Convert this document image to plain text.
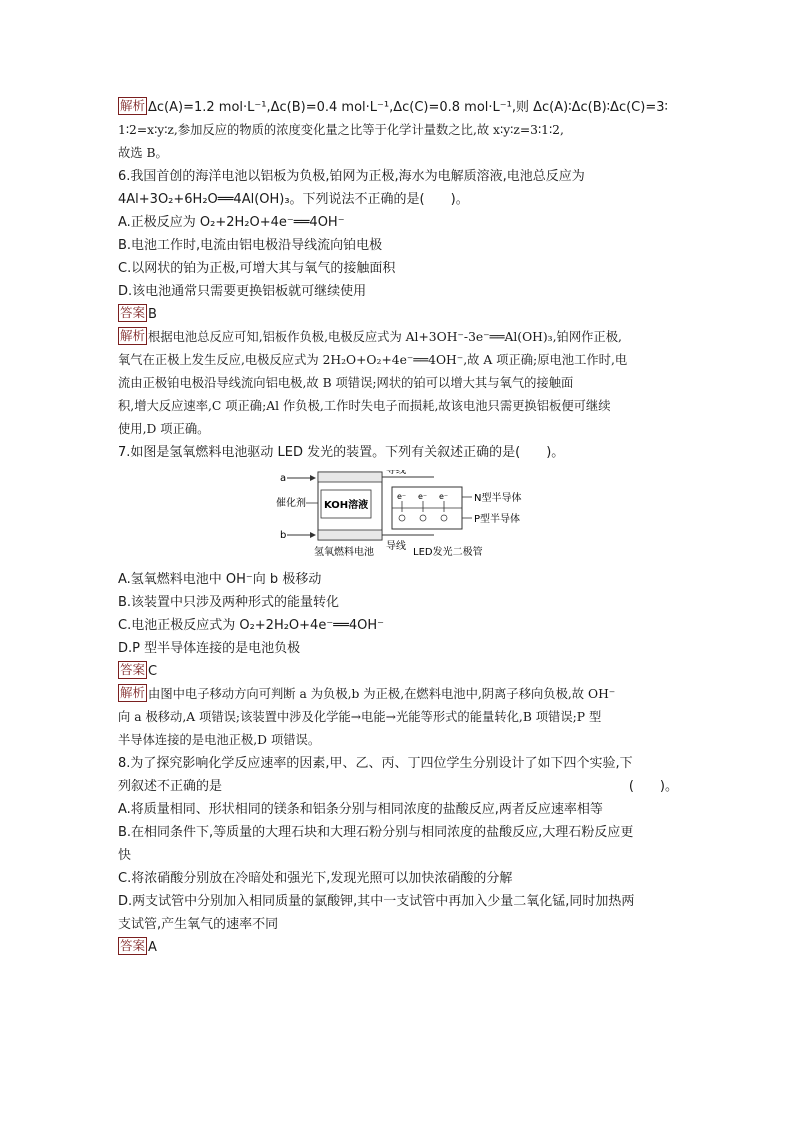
解析 Δc(A)=1.2 mol·L⁻¹,Δc(B)=0.4 mol·L⁻¹,Δc(C)=0.8 mol·L⁻¹,则 Δc(A)∶Δc(B)∶Δc(C)=3∶
1∶2=x∶y∶z,参加反应的物质的浓度变化量之比等于化学计量数之比,故 x∶y∶z=3∶1∶2,
故选 B。
6.我国首创的海洋电池以铝板为负极,铂网为正极,海水为电解质溶液,电池总反应为
4Al+3O₂+6H₂O══4Al(OH)₃。下列说法不正确的是(　　)。
A.正极反应为 O₂+2H₂O+4e⁻══4OH⁻
B.电池工作时,电流由铝电极沿导线流向铂电极
C.以网状的铂为正极,可增大其与氧气的接触面积
D.该电池通常只需要更换铝板就可继续使用
答案 B
解析 根据电池总反应可知,铝板作负极,电极反应式为 Al+3OH⁻-3e⁻══Al(OH)₃,铂网作正极,
氧气在正极上发生反应,电极反应式为 2H₂O+O₂+4e⁻══4OH⁻,故 A 项正确;原电池工作时,电
流由正极铂电极沿导线流向铝电极,故 B 项错误;网状的铂可以增大其与氧气的接触面
积,增大反应速率,C 项正确;Al 作负极,工作时失电子而损耗,故该电池只需更换铝板便可继续
使用,D 项正确。
7.如图是氢氧燃料电池驱动 LED 发光的装置。下列有关叙述正确的是(　　)。
a
b
催化剂 KOH溶液
导线
导线
e⁻ e⁻ e⁻	N型半导体
P型半导体
氢氧燃料电池	LED发光二极管
A.氢氧燃料电池中 OH⁻向 b 极移动
B.该装置中只涉及两种形式的能量转化
C.电池正极反应式为 O₂+2H₂O+4e⁻══4OH⁻
D.P 型半导体连接的是电池负极
答案 C
解析 由图中电子移动方向可判断 a 为负极,b 为正极,在燃料电池中,阴离子移向负极,故 OH⁻
向 a 极移动,A 项错误;该装置中涉及化学能→电能→光能等形式的能量转化,B 项错误;P 型
半导体连接的是电池正极,D 项错误。
8.为了探究影响化学反应速率的因素,甲、乙、丙、丁四位学生分别设计了如下四个实验,下
列叙述不正确的是	(　　)。
A.将质量相同、形状相同的镁条和铝条分别与相同浓度的盐酸反应,两者反应速率相等
B.在相同条件下,等质量的大理石块和大理石粉分别与相同浓度的盐酸反应,大理石粉反应更
快
C.将浓硝酸分别放在冷暗处和强光下,发现光照可以加快浓硝酸的分解
D.两支试管中分别加入相同质量的氯酸钾,其中一支试管中再加入少量二氧化锰,同时加热两
支试管,产生氧气的速率不同
答案 A
